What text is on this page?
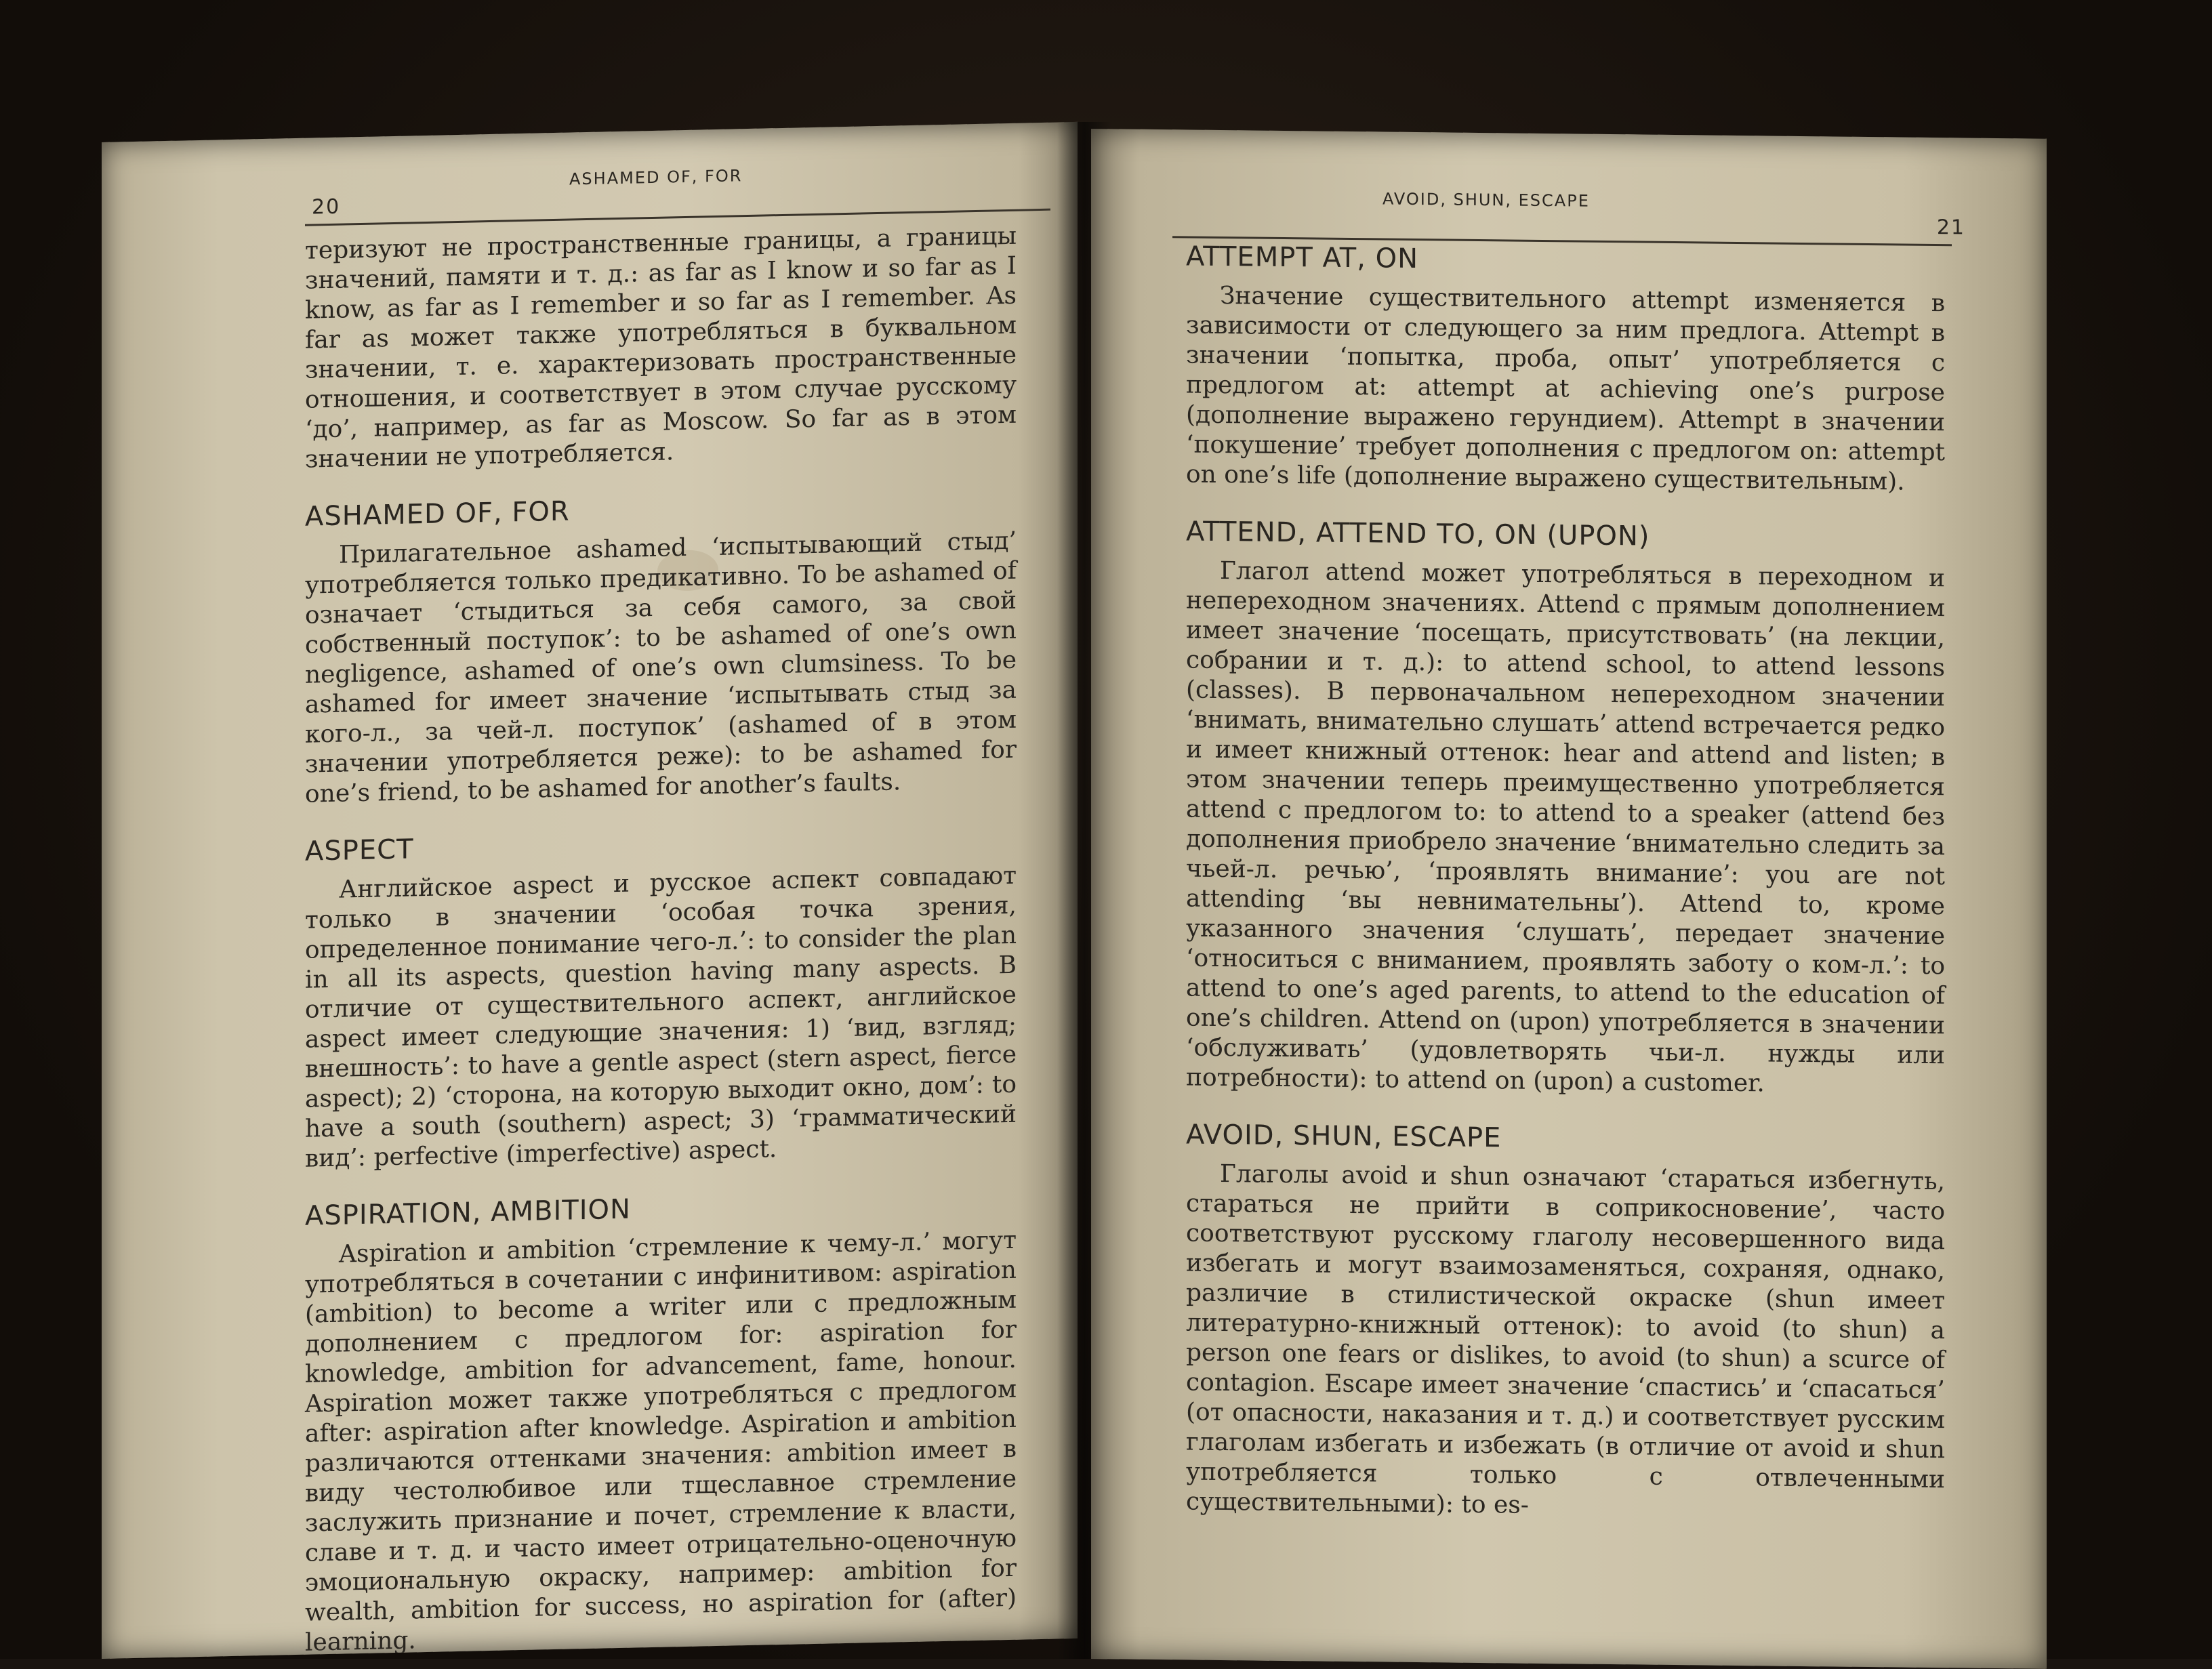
20
ASHAMED OF, FOR

теризуют не пространственные границы, а границы значений, памяти и т. д.: as far as I know и so far as I know, as far as I remember и so far as I remember. As far as может также употребляться в буквальном значении, т. е. характеризовать пространственные отношения, и соответствует в этом случае русскому ‘до’, например, as far as Moscow. So far as в этом значении не употребляется.

ASHAMED OF, FOR

Прилагательное ashamed ‘испытывающий стыд’ употребляется только предикативно. To be ashamed of означает ‘стыдиться за себя самого, за свой собственный поступок’: to be ashamed of one’s own negligence, ashamed of one’s own clumsiness. To be ashamed for имеет значение ‘испытывать стыд за кого-л., за чей-л. поступок’ (ashamed of в этом значении употребляется реже): to be ashamed for one’s friend, to be ashamed for another’s faults.

ASPECT

Английское aspect и русское аспект совпадают только в значении ‘особая точка зрения, определенное понимание чего-л.’: to consider the plan in all its aspects, question having many aspects. В отличие от существительного аспект, английское aspect имеет следующие значения: 1) ‘вид, взгляд; внешность’: to have a gentle aspect (stern aspect, fierce aspect); 2) ‘сторона, на которую выходит окно, дом’: to have a south (southern) aspect; 3) ‘грамматический вид’: perfective (imperfective) aspect.

ASPIRATION, AMBITION

Aspiration и ambition ‘стремление к чему-л.’ могут употребляться в сочетании с инфинитивом: aspiration (ambition) to become a writer или с предложным дополнением с предлогом for: aspiration for knowledge, ambition for advancement, fame, honour. Aspiration может также употребляться с предлогом after: aspiration after knowledge. Aspiration и ambition различаются оттенками значения: ambition имеет в виду честолюбивое или тщеславное стремление заслужить признание и почет, стремление к власти, славе и т. д. и часто имеет отрицательно-оценочную эмоциональную окраску, например: ambition for wealth, ambition for success, но aspiration for (after) learning.

AVOID, SHUN, ESCAPE
21
ATTEMPT AT, ON

Значение существительного attempt изменяется в зависимости от следующего за ним предлога. Attempt в значении ‘попытка, проба, опыт’ употребляется с предлогом at: attempt at achieving one’s purpose (дополнение выражено герундием). Attempt в значении ‘покушение’ требует дополнения с предлогом on: attempt on one’s life (дополнение выражено существительным).

ATTEND, ATTEND TO, ON (UPON)

Глагол attend может употребляться в переходном и непереходном значениях. Attend с прямым дополнением имеет значение ‘посещать, присутствовать’ (на лекции, собрании и т. д.): to attend school, to attend lessons (classes). В первоначальном непереходном значении ‘внимать, внимательно слушать’ attend встречается редко и имеет книжный оттенок: hear and attend and listen; в этом значении теперь преимущественно употребляется attend с предлогом to: to attend to a speaker (attend без дополнения приобрело значение ‘внимательно следить за чьей-л. речью’, ‘проявлять внимание’: you are not attending ‘вы невнимательны’). Attend to, кроме указанного значения ‘слушать’, передает значение ‘относиться с вниманием, проявлять заботу о ком-л.’: to attend to one’s aged parents, to attend to the education of one’s children. Attend on (upon) употребляется в значении ‘обслуживать’ (удовлетворять чьи-л. нужды или потребности): to attend on (upon) a customer.

AVOID, SHUN, ESCAPE

Глаголы avoid и shun означают ‘стараться избегнуть, стараться не прийти в соприкосновение’, часто соответствуют русскому глаголу несовершенного вида избегать и могут взаимозаменяться, сохраняя, однако, различие в стилистической окраске (shun имеет литературно-книжный оттенок): to avoid (to shun) a person one fears or dislikes, to avoid (to shun) a scurce of contagion. Escape имеет значение ‘спастись’ и ‘спасаться’ (от опасности, наказания и т. д.) и соответствует русским глаголам избегать и избежать (в отличие от avoid и shun употребляется только с отвлеченными существительными): to es-
